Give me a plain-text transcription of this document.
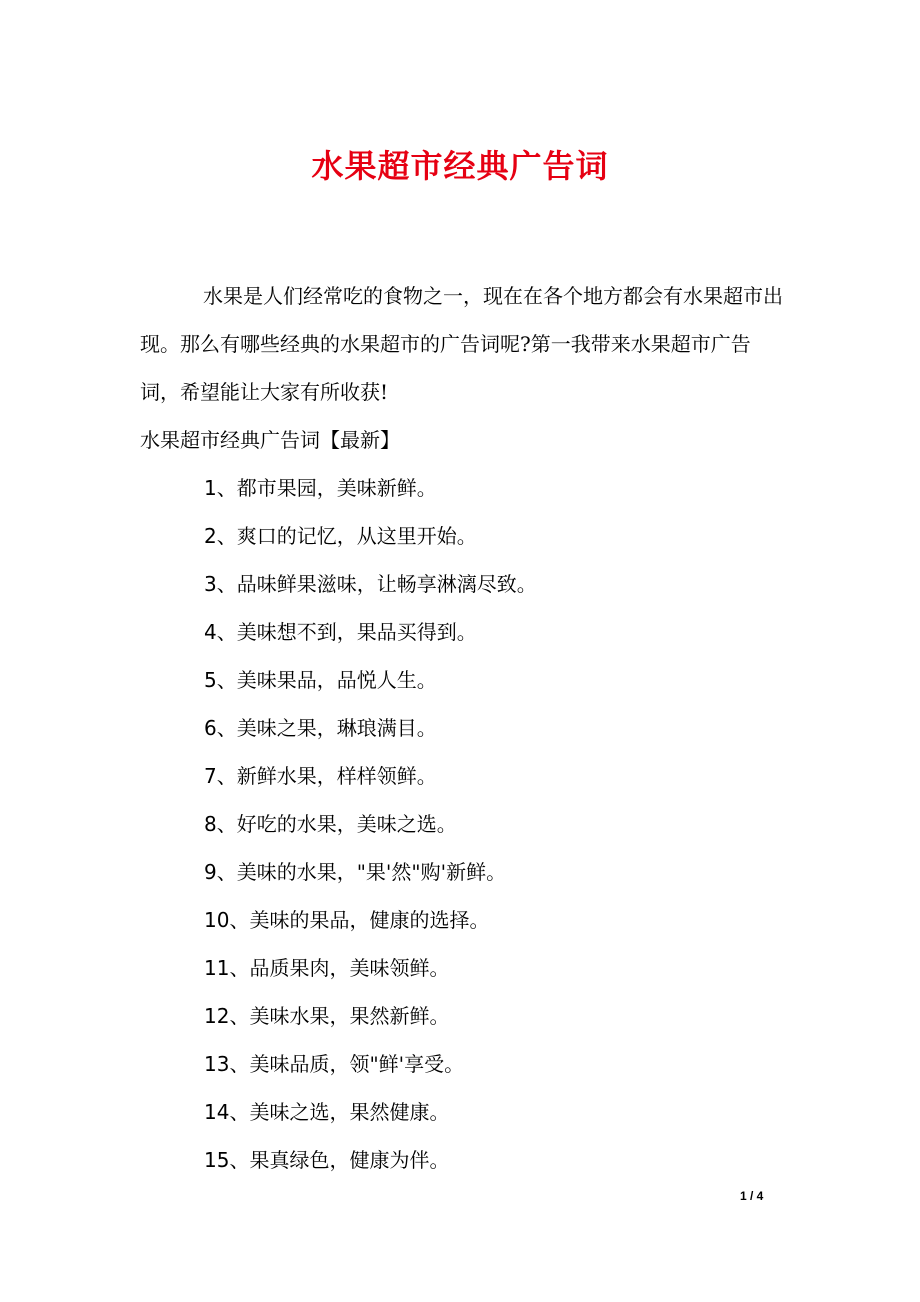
水果超市经典广告词

水果是人们经常吃的食物之一，现在在各个地方都会有水果超市出现。那么有哪些经典的水果超市的广告词呢?第一我带来水果超市广告词，希望能让大家有所收获!

水果超市经典广告词【最新】

1、都市果园，美味新鲜。
2、爽口的记忆，从这里开始。
3、品味鲜果滋味，让畅享淋漓尽致。
4、美味想不到，果品买得到。
5、美味果品，品悦人生。
6、美味之果，琳琅满目。
7、新鲜水果，样样领鲜。
8、好吃的水果，美味之选。
9、美味的水果，"果'然"购'新鲜。
10、美味的果品，健康的选择。
11、品质果肉，美味领鲜。
12、美味水果，果然新鲜。
13、美味品质，领"鲜'享受。
14、美味之选，果然健康。
15、果真绿色，健康为伴。
1 / 4
